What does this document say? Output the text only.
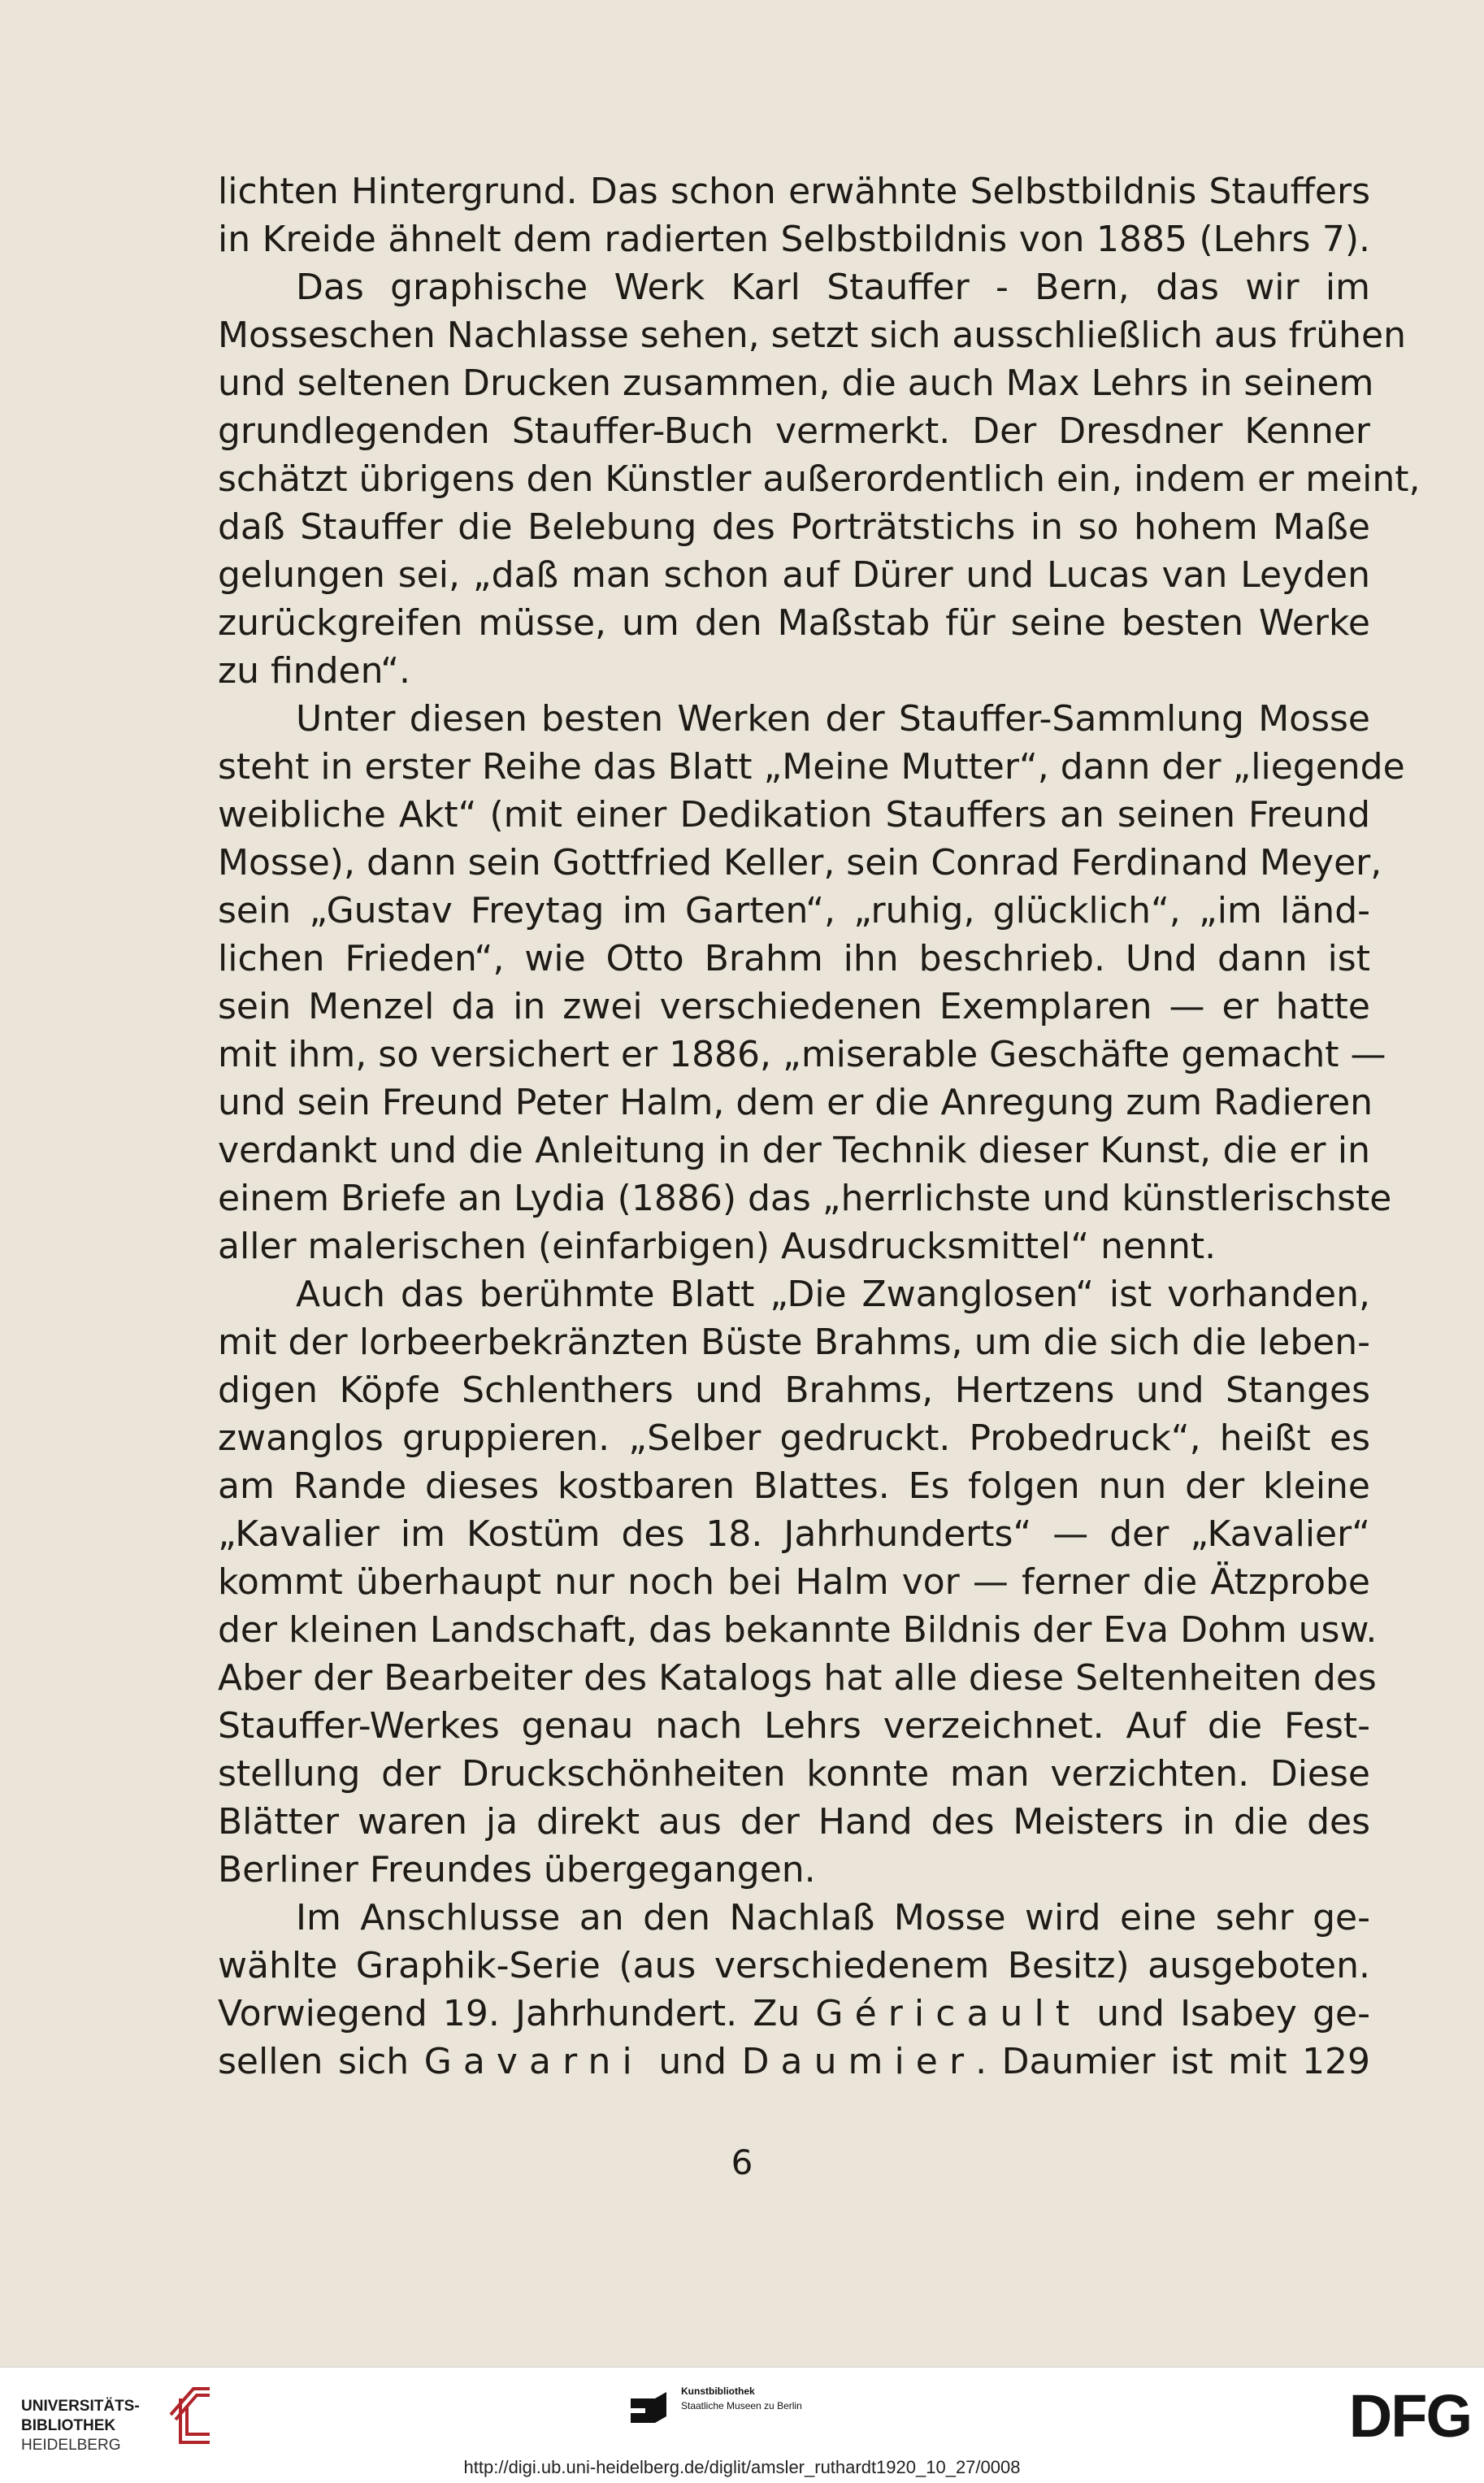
lichten Hintergrund. Das schon erwähnte Selbstbildnis Stauffers
in Kreide ähnelt dem radierten Selbstbildnis von 1885 (Lehrs 7).
Das graphische Werk Karl Stauffer - Bern, das wir im
Mosseschen Nachlasse sehen, setzt sich ausschließlich aus frühen
und seltenen Drucken zusammen, die auch Max Lehrs in seinem
grundlegenden Stauffer-Buch vermerkt. Der Dresdner Kenner
schätzt übrigens den Künstler außerordentlich ein, indem er meint,
daß Stauffer die Belebung des Porträtstichs in so hohem Maße
gelungen sei, „daß man schon auf Dürer und Lucas van Leyden
zurückgreifen müsse, um den Maßstab für seine besten Werke
zu finden“.
Unter diesen besten Werken der Stauffer-Sammlung Mosse
steht in erster Reihe das Blatt „Meine Mutter“, dann der „liegende
weibliche Akt“ (mit einer Dedikation Stauffers an seinen Freund
Mosse), dann sein Gottfried Keller, sein Conrad Ferdinand Meyer,
sein „Gustav Freytag im Garten“, „ruhig, glücklich“, „im länd-
lichen Frieden“, wie Otto Brahm ihn beschrieb. Und dann ist
sein Menzel da in zwei verschiedenen Exemplaren — er hatte
mit ihm, so versichert er 1886, „miserable Geschäfte gemacht —
und sein Freund Peter Halm, dem er die Anregung zum Radieren
verdankt und die Anleitung in der Technik dieser Kunst, die er in
einem Briefe an Lydia (1886) das „herrlichste und künstlerischste
aller malerischen (einfarbigen) Ausdrucksmittel“ nennt.
Auch das berühmte Blatt „Die Zwanglosen“ ist vorhanden,
mit der lorbeerbekränzten Büste Brahms, um die sich die leben-
digen Köpfe Schlenthers und Brahms, Hertzens und Stanges
zwanglos gruppieren. „Selber gedruckt. Probedruck“, heißt es
am Rande dieses kostbaren Blattes. Es folgen nun der kleine
„Kavalier im Kostüm des 18. Jahrhunderts“ — der „Kavalier“
kommt überhaupt nur noch bei Halm vor — ferner die Ätzprobe
der kleinen Landschaft, das bekannte Bildnis der Eva Dohm usw.
Aber der Bearbeiter des Katalogs hat alle diese Seltenheiten des
Stauffer-Werkes genau nach Lehrs verzeichnet. Auf die Fest-
stellung der Druckschönheiten konnte man verzichten. Diese
Blätter waren ja direkt aus der Hand des Meisters in die des
Berliner Freundes übergegangen.
Im Anschlusse an den Nachlaß Mosse wird eine sehr ge-
wählte Graphik-Serie (aus verschiedenem Besitz) ausgeboten.
Vorwiegend 19. Jahrhundert. Zu Géricault und Isabey ge-
sellen sich Gavarni und Daumier. Daumier ist mit 129
6
UNIVERSITÄTS-
BIBLIOTHEK
HEIDELBERG
Kunstbibliothek
Staatliche Museen zu Berlin	DFG
http://digi.ub.uni-heidelberg.de/diglit/amsler_ruthardt1920_10_27/0008
